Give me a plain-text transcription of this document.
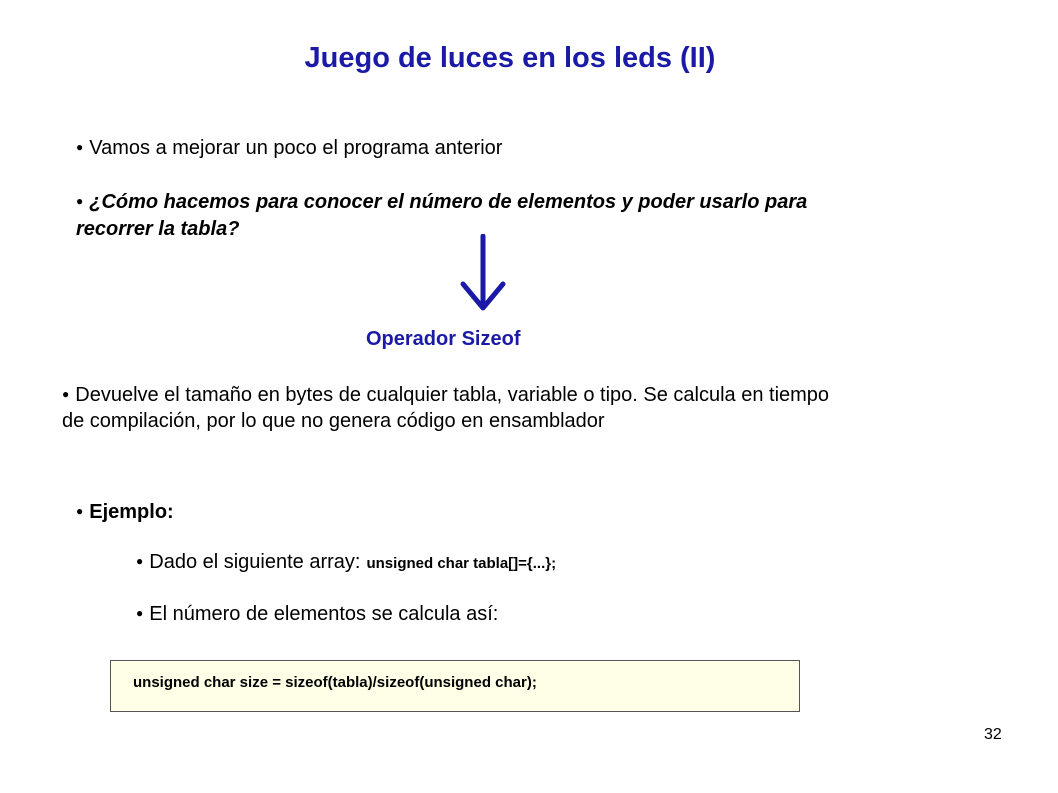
Juego de luces en los leds (II)
● Vamos a mejorar un poco el programa anterior
● ¿Cómo hacemos para conocer el número de elementos y poder usarlo para
recorrer la tabla?
Operador Sizeof
● Devuelve el tamaño en bytes de cualquier tabla, variable o tipo. Se calcula en tiempo
de compilación, por lo que no genera código en ensamblador
● Ejemplo:
● Dado el siguiente array: unsigned char tabla[]={...};
● El número de elementos se calcula así:
unsigned char size = sizeof(tabla)/sizeof(unsigned char);
32
